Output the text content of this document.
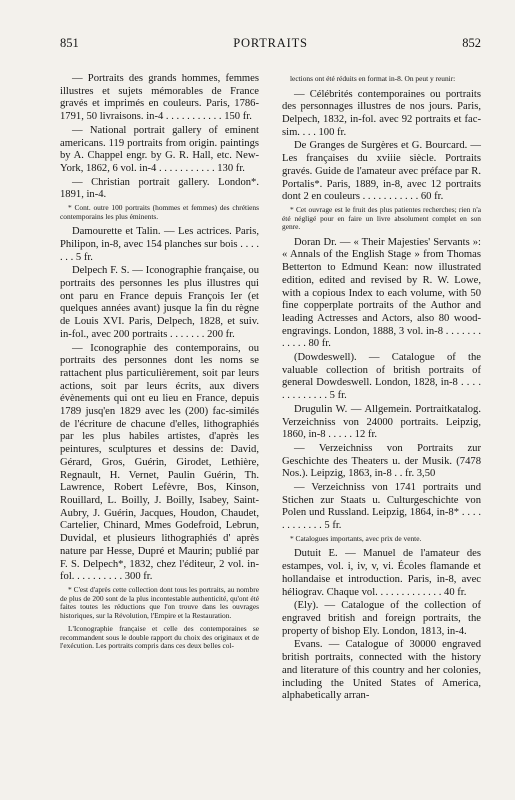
851	PORTRAITS	852

— Portraits des grands hommes, femmes illustres et sujets mémorables de France gravés et imprimés en couleurs. Paris, 1786-1791, 50 livraisons. in-4 . . . . . . . . . . . 150 fr.

— National portrait gallery of eminent americans. 119 portraits from origin. paintings by A. Chappel engr. by G. R. Hall, etc. New-York, 1862, 6 vol. in-4 . . . . . . . . . . . 130 fr.

— Christian portrait gallery. London*. 1891, in-4.

* Cont. outre 100 portraits (hommes et femmes) des chrétiens contemporains les plus éminents.

Damourette et Talin. — Les actrices. Paris, Philipon, in-8, avec 154 planches sur bois . . . . . . . 5 fr.

Delpech F. S. — Iconographie française, ou portraits des personnes les plus illustres qui ont paru en France depuis François Ier (et quelques années avant) jusque la fin du règne de Louis XVI. Paris, Delpech, 1828, et suiv. in-fol., avec 200 portraits . . . . . . . 200 fr.

— Iconographie des contemporains, ou portraits des personnes dont les noms se rattachent plus particulièrement, soit par leurs actions, soit par leurs écrits, aux divers évènements qui ont eu lieu en France, depuis 1789 jusq'en 1829 avec les (200) fac-similés de l'écriture de chacune d'elles, lithographiés par les plus habiles artistes, d'après les peintures, sculptures et dessins de: David, Gérard, Gros, Guérin, Girodet, Lethière, Regnault, H. Vernet, Paulin Guérin, Th. Lawrence, Robert Lefèvre, Bos, Kinson, Rouillard, L. Boilly, J. Boilly, Isabey, Saint-Aubry, J. Guérin, Jacques, Houdon, Chaudet, Cartelier, Chinard, Mmes Godefroid, Lebrun, Duvidal, et plusieurs lithographiés d' après nature par Hesse, Dupré et Maurin; publié par F. S. Delpech*, 1832, chez l'éditeur, 2 vol. in-fol. . . . . . . . . . 300 fr.

* C'est d'après cette collection dont tous les portraits, au nombre de plus de 200 sont de la plus incontestable authenticité, qu'ont été faites toutes les réductions que l'on trouve dans les ouvrages historiques, sur la Révolution, l'Empire et la Restauration.

L'Iconographie française et celle des contemporaines se recommandent sous le double rapport du choix des originaux et de l'exécution. Les portraits compris dans ces deux belles col-

lections ont été réduits en format in-8. On peut y reunir:

— Célébrités contemporaines ou portraits des personnages illustres de nos jours. Paris, Delpech, 1832, in-fol. avec 92 portraits et fac-sim. . . . 100 fr.

De Granges de Surgères et G. Bourcard. — Les françaises du xviiie siècle. Portraits gravés. Guide de l'amateur avec préface par R. Portalis*. Paris, 1889, in-8, avec 12 portraits dont 2 en couleurs . . . . . . . . . . . 60 fr.

* Cet ouvrage est le fruit des plus patientes recherches; rien n'a été négligé pour en faire un livre absolument complet en son genre.

Doran Dr. — « Their Majesties' Servants »: « Annals of the English Stage » from Thomas Betterton to Edmund Kean: now illustrated edition, edited and revised by R. W. Lowe, with a copious Index to each volume, with 50 fine copperplate portraits of the Author and leading Actresses and Actors, also 80 wood-engravings. London, 1888, 3 vol. in-8 . . . . . . . . . . . . 80 fr.

(Dowdeswell). — Catalogue of the valuable collection of british portraits of general Dowdeswell. London, 1828, in-8 . . . . . . . . . . . . . 5 fr.

Drugulin W. — Allgemein. Portraitkatalog. Verzeichniss von 24000 portraits. Leipzig, 1860, in-8 . . . . . 12 fr.

— Verzeichniss von Portraits zur Geschichte des Theaters u. der Musik. (7478 Nos.). Leipzig, 1863, in-8 . . fr. 3,50

— Verzeichniss von 1741 portraits und Stichen zur Staats u. Culturgeschichte von Polen und Russland. Leipzig, 1864, in-8* . . . . . . . . . . . . 5 fr.

* Catalogues importants, avec prix de vente.

Dutuit E. — Manuel de l'amateur des estampes, vol. i, iv, v, vi. Écoles flamande et hollandaise et introduction. Paris, in-8, avec héliograv. Chaque vol. . . . . . . . . . . . . 40 fr.

(Ely). — Catalogue of the collection of engraved british and foreign portraits, the property of bishop Ely. London, 1813, in-4.

Evans. — Catalogue of 30000 engraved british portraits, connected with the history and literature of this country and her colonies, including the United States of America, alphabetically arran-
